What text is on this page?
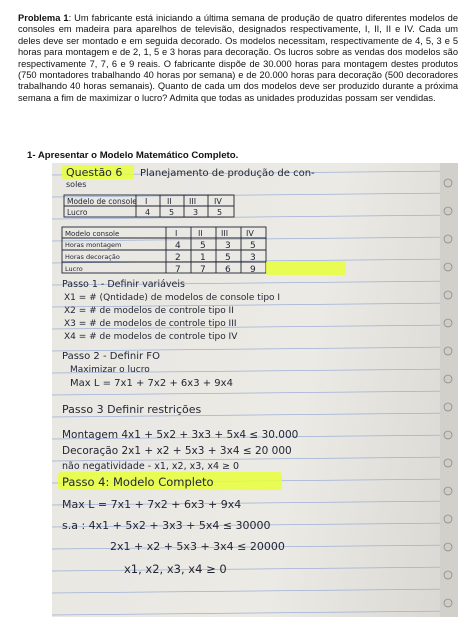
Problema 1: Um fabricante está iniciando a última semana de produção de quatro diferentes modelos de consoles em madeira para aparelhos de televisão, designados respectivamente, I, II, II e IV. Cada um deles deve ser montado e em seguida decorado. Os modelos necessitam, respectivamente de 4, 5, 3 e 5 horas para montagem e de 2, 1, 5 e 3 horas para decoração. Os lucros sobre as vendas dos modelos são respectivamente 7, 7, 6 e 9 reais. O fabricante dispõe de 30.000 horas para montagem destes produtos (750 montadores trabalhando 40 horas por semana) e de 20.000 horas para decoração (500 decoradores trabalhando 40 horas semanais). Quanto de cada um dos modelos deve ser produzido durante a próxima semana a fim de maximizar o lucro? Admita que todas as unidades produzidas possam ser vendidas.
1- Apresentar o Modelo Matemático Completo.
Questão 6 Planejamento de produção de con-
soles
Modelo de console I II III IV
Lucro	4 5 3 5
Modelo console	I	II III IV
Horas montagem	4 5 3 5
Horas decoração	2 1 5 3
Lucro	7 7 6 9
Passo 1 - Definir variáveis
X1 = # (Qntidade) de modelos de console tipo I
X2 = # de modelos de controle tipo II
X3 = # de modelos de controle tipo III
X4 = # de modelos de controle tipo IV
Passo 2 - Definir FO
Maximizar o lucro
Max L = 7x1 + 7x2 + 6x3 + 9x4
Passo 3 Definir restrições
Montagem 4x1 + 5x2 + 3x3 + 5x4 ≤ 30.000
Decoração 2x1 + x2 + 5x3 + 3x4 ≤ 20 000
não negatividade - x1, x2, x3, x4 ≥ 0
Passo 4: Modelo Completo
Max L = 7x1 + 7x2 + 6x3 + 9x4
s.a : 4x1 + 5x2 + 3x3 + 5x4 ≤ 30000
2x1 + x2 + 5x3 + 3x4 ≤ 20000
x1, x2, x3, x4 ≥ 0
